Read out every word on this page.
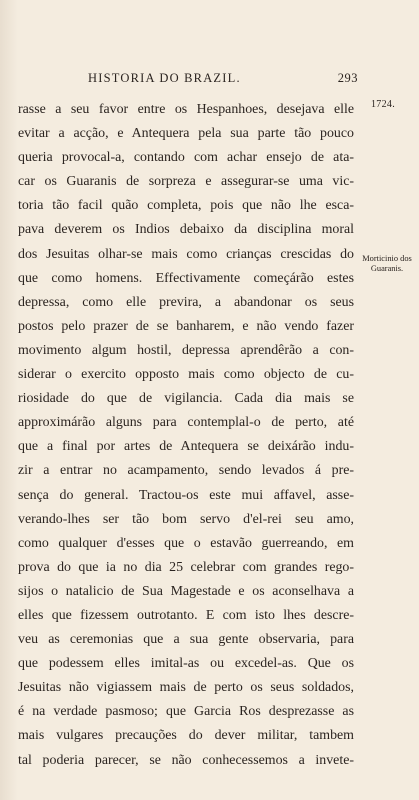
HISTORIA DO BRAZIL.	293
1724.
Morticinio dos
Guaranis.
rasse a seu favor entre os Hespanhoes, desejava elle
evitar a acção, e Antequera pela sua parte tão pouco
queria provocal-a, contando com achar ensejo de ata-
car os Guaranis de sorpreza e assegurar-se uma vic-
toria tão facil quão completa, pois que não lhe esca-
pava deverem os Indios debaixo da disciplina moral
dos Jesuitas olhar-se mais como crianças crescidas do
que como homens. Effectivamente começárão estes
depressa, como elle previra, a abandonar os seus
postos pelo prazer de se banharem, e não vendo fazer
movimento algum hostil, depressa aprendêrão a con-
siderar o exercito opposto mais como objecto de cu-
riosidade do que de vigilancia. Cada dia mais se
approximárão alguns para contemplal-o de perto, até
que a final por artes de Antequera se deixárão indu-
zir a entrar no acampamento, sendo levados á pre-
sença do general. Tractou-os este mui affavel, asse-
verando-lhes ser tão bom servo d'el-rei seu amo,
como qualquer d'esses que o estavão guerreando, em
prova do que ia no dia 25 celebrar com grandes rego-
sijos o natalicio de Sua Magestade e os aconselhava a
elles que fizessem outrotanto. E com isto lhes descre-
veu as ceremonias que a sua gente observaria, para
que podessem elles imital-as ou excedel-as. Que os
Jesuitas não vigiassem mais de perto os seus soldados,
é na verdade pasmoso; que Garcia Ros desprezasse as
mais vulgares precauções do dever militar, tambem
tal poderia parecer, se não conhecessemos a invete-
